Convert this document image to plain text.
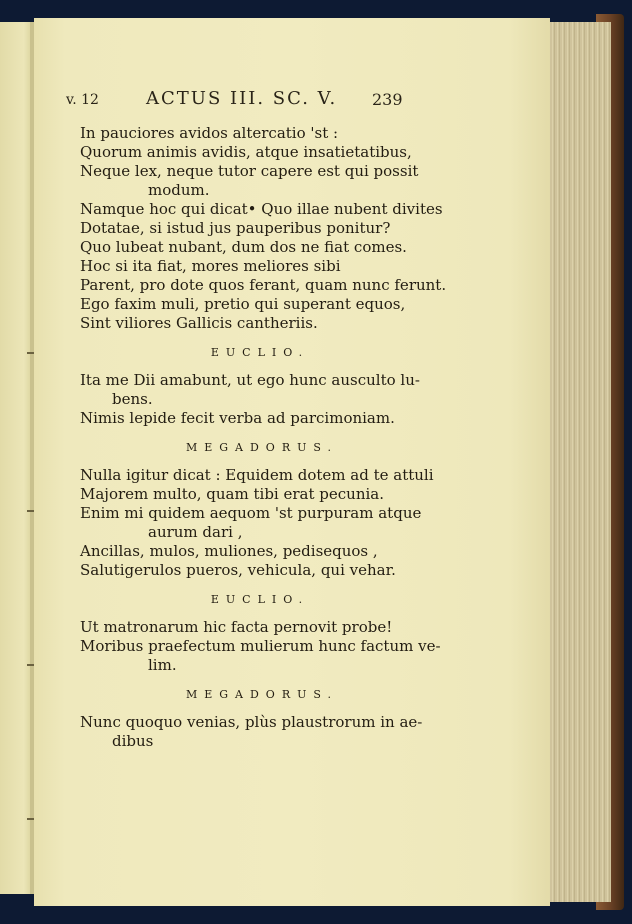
v. 12	ACTUS III. SC. V. 239
In pauciores avidos altercatio 'st :
Quorum animis avidis, atque insatietatibus,
Neque lex, neque tutor capere est qui possit
modum.
Namque hoc qui dicat• Quo illae nubent divites
Dotatae, si istud jus pauperibus ponitur?
Quo lubeat nubant, dum dos ne fiat comes.
Hoc si ita fiat, mores meliores sibi
Parent, pro dote quos ferant, quam nunc ferunt.
Ego faxim muli, pretio qui superant equos,
Sint viliores Gallicis cantheriis.
EUCLIO.
Ita me Dii amabunt, ut ego hunc ausculto lu-
bens.
Nimis lepide fecit verba ad parcimoniam.
MEGADORUS.
Nulla igitur dicat : Equidem dotem ad te attuli
Majorem multo, quam tibi erat pecunia.
Enim mi quidem aequom 'st purpuram atque
aurum dari ,
Ancillas, mulos, muliones, pedisequos ,
Salutigerulos pueros, vehicula, qui vehar.
EUCLIO.
Ut matronarum hic facta pernovit probe!
Moribus praefectum mulierum hunc factum ve-
lim.
MEGADORUS.
Nunc quoquo venias, plùs plaustrorum in ae-
dibus
